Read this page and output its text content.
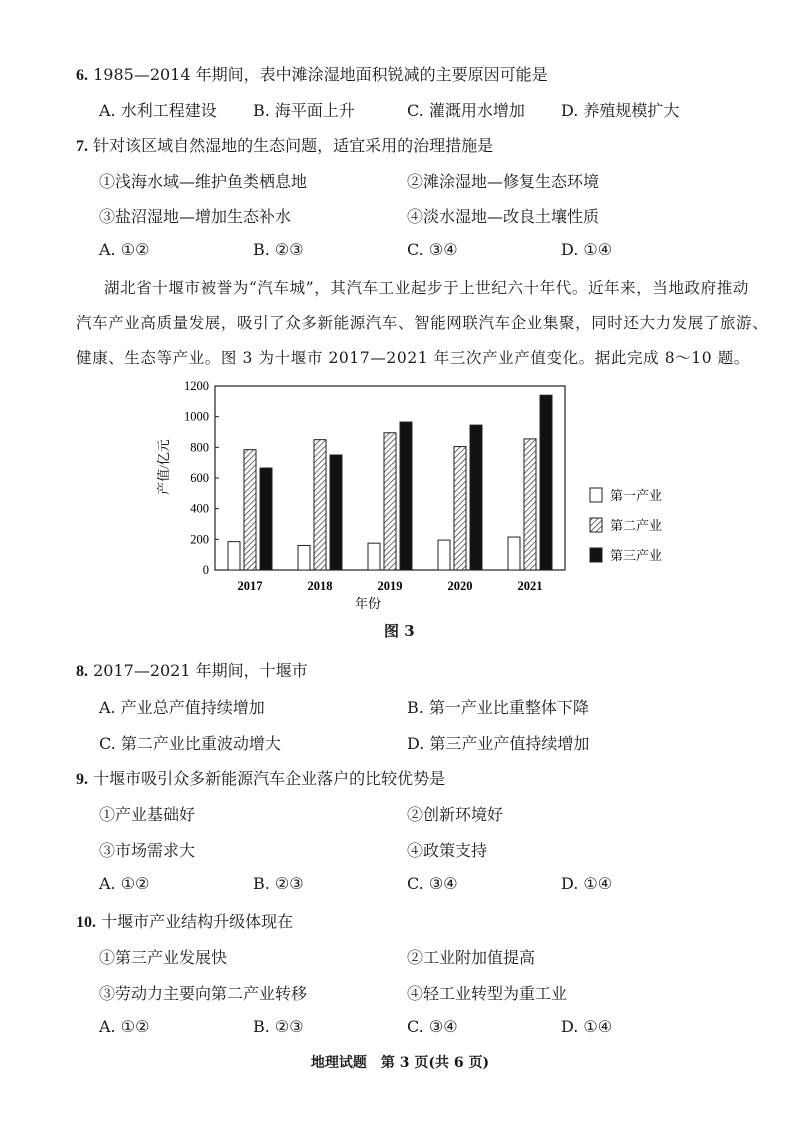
6. 1985—2014 年期间，表中滩涂湿地面积锐减的主要原因可能是
A. 水利工程建设 B. 海平面上升	C. 灌溉用水增加 D. 养殖规模扩大
7. 针对该区域自然湿地的生态问题，适宜采用的治理措施是
①浅海水域—维护鱼类栖息地	②滩涂湿地—修复生态环境
③盐沼湿地—增加生态补水	④淡水湿地—改良土壤性质
A. ①②	B. ②③	C. ③④	D. ①④
湖北省十堰市被誉为“汽车城”，其汽车工业起步于上世纪六十年代。近年来，当地政府推动
汽车产业高质量发展，吸引了众多新能源汽车、智能网联汽车企业集聚，同时还大力发展了旅游、
健康、生态等产业。图 3 为十堰市 2017—2021 年三次产业产值变化。据此完成 8～10 题。
0
200
400
600
800
1000
1200
2017	2018	2019	2020	2021
第一产业
第二产业
第三产业
产值/亿元
年份
图 3
8. 2017—2021 年期间，十堰市
A. 产业总产值持续增加	B. 第一产业比重整体下降
C. 第二产业比重波动增大	D. 第三产业产值持续增加
9. 十堰市吸引众多新能源汽车企业落户的比较优势是
①产业基础好	②创新环境好
③市场需求大	④政策支持
A. ①②	B. ②③	C. ③④	D. ①④
10. 十堰市产业结构升级体现在
①第三产业发展快	②工业附加值提高
③劳动力主要向第二产业转移	④轻工业转型为重工业
A. ①②	B. ②③	C. ③④	D. ①④
地理试题　第 3 页(共 6 页)
